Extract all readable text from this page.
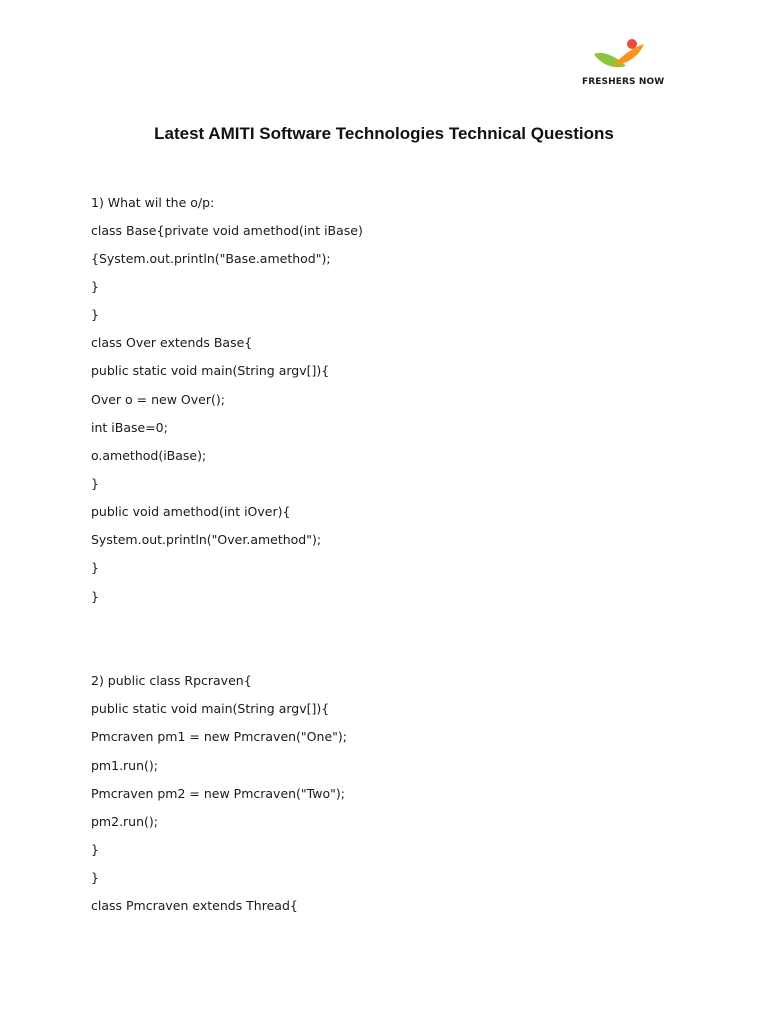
FRESHERS NOW
Latest AMITI Software Technologies Technical Questions
1) What wil the o/p:
class Base{private void amethod(int iBase)
{System.out.println("Base.amethod");
}
}
class Over extends Base{
public static void main(String argv[]){
Over o = new Over();
int iBase=0;
o.amethod(iBase);
}
public void amethod(int iOver){
System.out.println("Over.amethod");
}
}
2) public class Rpcraven{
public static void main(String argv[]){
Pmcraven pm1 = new Pmcraven("One");
pm1.run();
Pmcraven pm2 = new Pmcraven("Two");
pm2.run();
}
}
class Pmcraven extends Thread{
